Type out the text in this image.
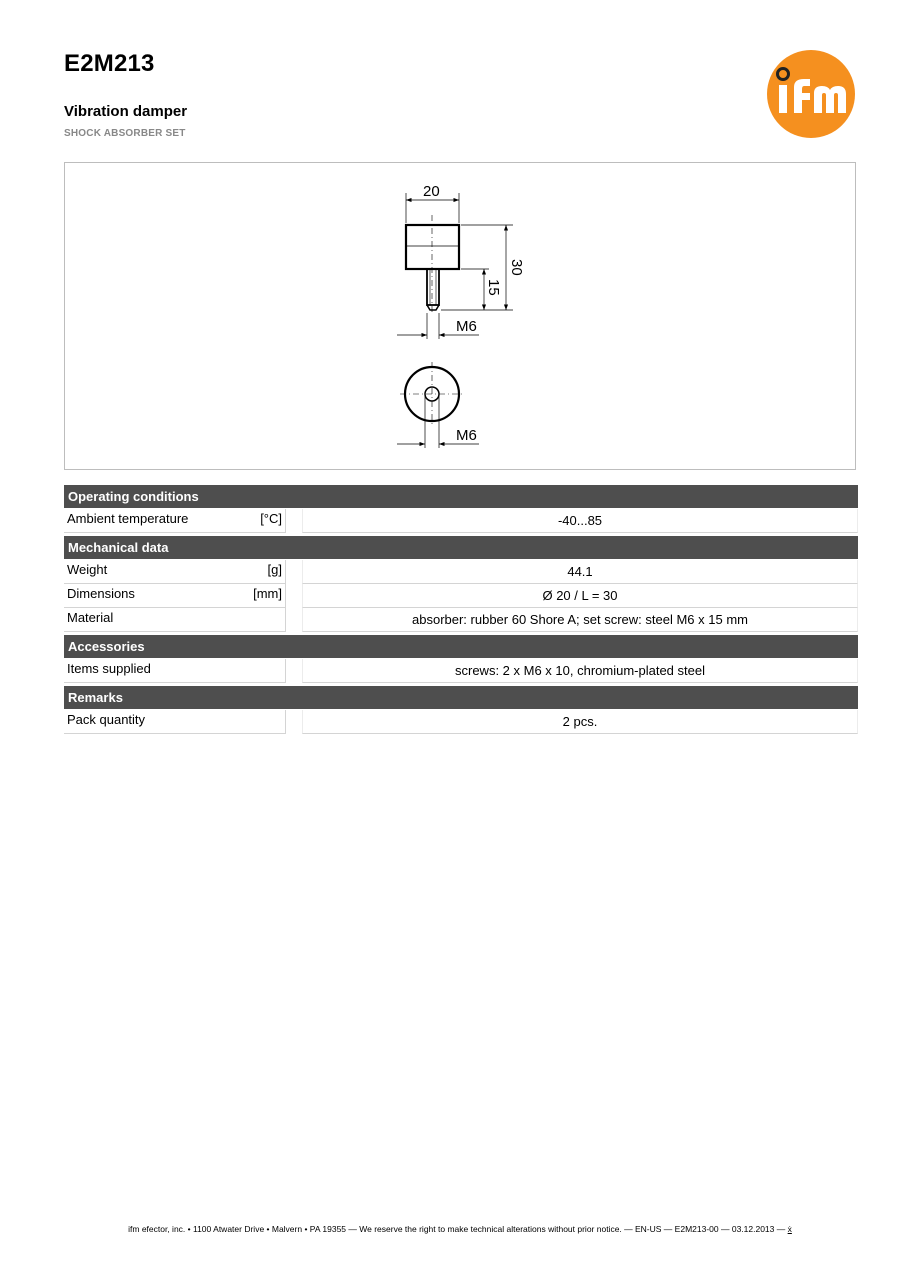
E2M213
Vibration damper
SHOCK ABSORBER SET
20
30
15
M6
M6
Operating conditions
Ambient temperature	[°C]	-40...85
Mechanical data
Weight	[g]	44.1
Dimensions	[mm]	Ø 20 / L = 30
Material	absorber: rubber 60 Shore A; set screw: steel M6 x 15 mm
Accessories
Items supplied	screws: 2 x M6 x 10, chromium-plated steel
Remarks
Pack quantity	2 pcs.
ifm efector, inc. • 1100 Atwater Drive • Malvern • PA 19355 — We reserve the right to make technical alterations without prior notice. — EN-US — E2M213-00 — 03.12.2013 — ẋ
